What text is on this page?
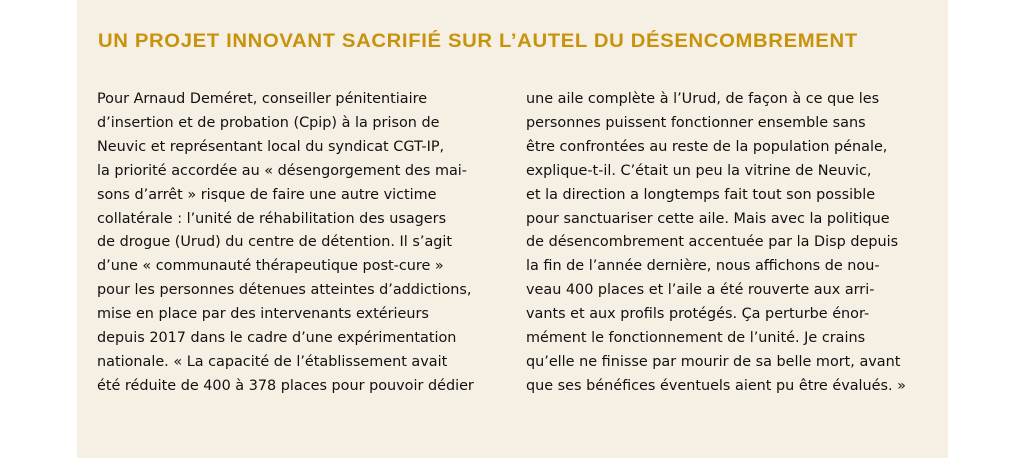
UN PROJET INNOVANT SACRIFIÉ SUR L’AUTEL DU DÉSENCOMBREMENT
Pour Arnaud Deméret, conseiller pénitentiaire
d’insertion et de probation (Cpip) à la prison de
Neuvic et représentant local du syndicat CGT-IP,
la priorité accordée au « désengorgement des mai-
sons d’arrêt » risque de faire une autre victime
collatérale : l’unité de réhabilitation des usagers
de drogue (Urud) du centre de détention. Il s’agit
d’une « communauté thérapeutique post-cure »
pour les personnes détenues atteintes d’addictions,
mise en place par des intervenants extérieurs
depuis 2017 dans le cadre d’une expérimentation
nationale. « La capacité de l’établissement avait
été réduite de 400 à 378 places pour pouvoir dédier
une aile complète à l’Urud, de façon à ce que les
personnes puissent fonctionner ensemble sans
être confrontées au reste de la population pénale,
explique-t-il. C’était un peu la vitrine de Neuvic,
et la direction a longtemps fait tout son possible
pour sanctuariser cette aile. Mais avec la politique
de désencombrement accentuée par la Disp depuis
la fin de l’année dernière, nous affichons de nou-
veau 400 places et l’aile a été rouverte aux arri-
vants et aux profils protégés. Ça perturbe énor-
mément le fonctionnement de l’unité. Je crains
qu’elle ne finisse par mourir de sa belle mort, avant
que ses bénéfices éventuels aient pu être évalués. »
